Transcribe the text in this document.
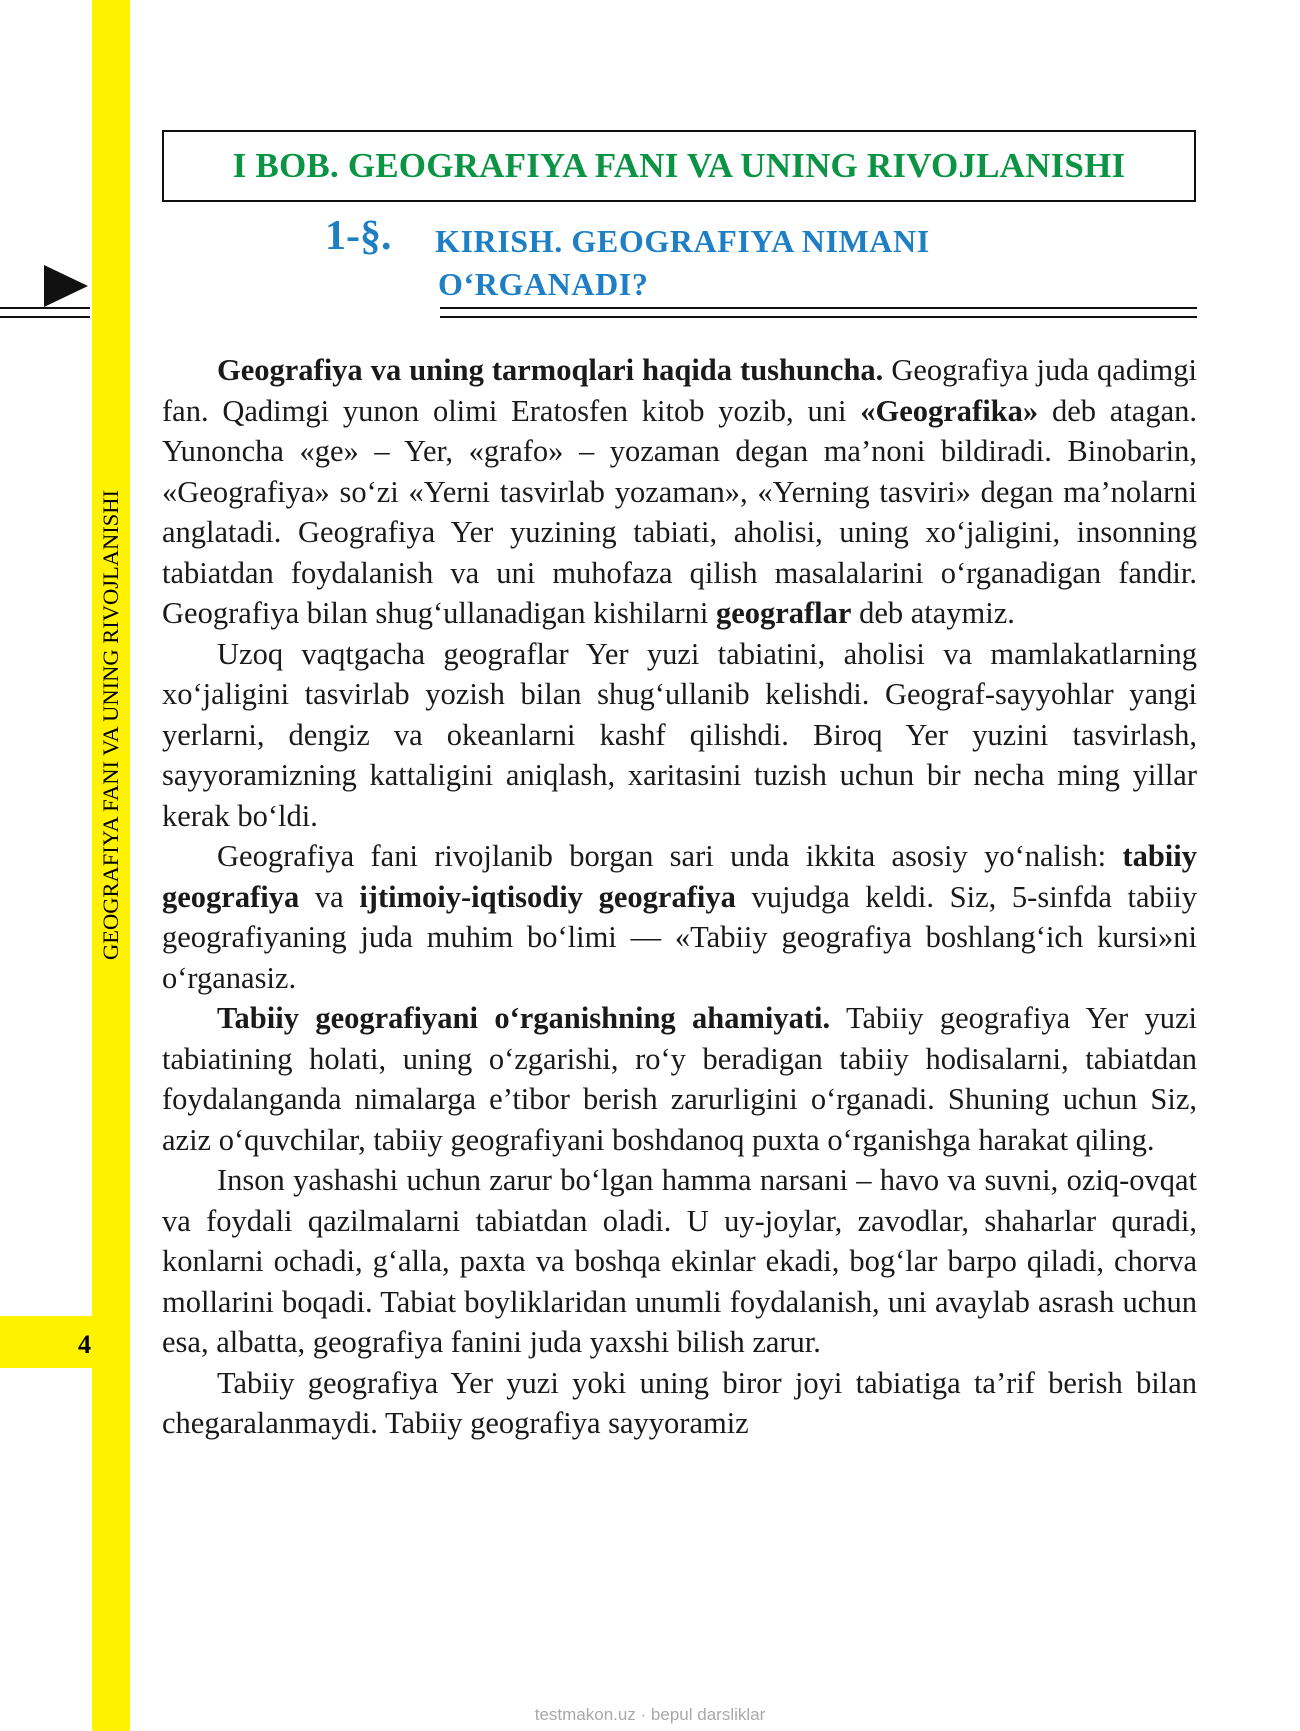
4
GEOGRAFIYA FANI VA UNING RIVOJLANISHI
I BOB. GEOGRAFIYA FANI VA UNING RIVOJLANISHI
1-§. KIRISH. GEOGRAFIYA NIMANI
O‘RGANADI?

Geografiya va uning tarmoqlari haqida tushuncha. Geografiya juda qadimgi fan. Qadimgi yunon olimi Eratosfen kitob yozib, uni «Geografika» deb atagan. Yunoncha «ge» – Yer, «grafo» – yozaman degan ma’noni bildiradi. Binobarin, «Geografiya» so‘zi «Yerni tasvirlab yozaman», «Yerning tasviri» degan ma’nolarni anglatadi. Geografiya Yer yuzining tabiati, aholisi, uning xo‘jaligini, insonning tabiatdan foydalanish va uni muhofaza qilish masalalarini o‘rganadigan fandir. Geografiya bilan shug‘ullanadigan kishilarni geograflar deb ataymiz.

Uzoq vaqtgacha geograflar Yer yuzi tabiatini, aholisi va mamlakatlarning xo‘jaligini tasvirlab yozish bilan shug‘ullanib kelishdi. Geograf-sayyohlar yangi yerlarni, dengiz va okeanlarni kashf qilishdi. Biroq Yer yuzini tasvirlash, sayyoramizning kattaligini aniqlash, xaritasini tuzish uchun bir necha ming yillar kerak bo‘ldi.

Geografiya fani rivojlanib borgan sari unda ikkita asosiy yo‘nalish: tabiiy geografiya va ijtimoiy-iqtisodiy geografiya vujudga keldi. Siz, 5-sinfda tabiiy geografiyaning juda muhim bo‘limi — «Tabiiy geografiya boshlang‘ich kursi»ni o‘rganasiz.

Tabiiy geografiyani o‘rganishning ahamiyati. Tabiiy geografiya Yer yuzi tabiatining holati, uning o‘zgarishi, ro‘y beradigan tabiiy hodisalarni, tabiatdan foydalanganda nimalarga e’tibor berish zarurligini o‘rganadi. Shuning uchun Siz, aziz o‘quvchilar, tabiiy geografiyani boshdanoq puxta o‘rganishga harakat qiling.

Inson yashashi uchun zarur bo‘lgan hamma narsani – havo va suvni, oziq-ovqat va foydali qazilmalarni tabiatdan oladi. U uy-joylar, zavodlar, shaharlar quradi, konlarni ochadi, g‘alla, paxta va boshqa ekinlar ekadi, bog‘lar barpo qiladi, chorva mollarini boqadi. Tabiat boyliklaridan unumli foydalanish, uni avaylab asrash uchun esa, albatta, geografiya fanini juda yaxshi bilish zarur.

Tabiiy geografiya Yer yuzi yoki uning biror joyi tabiatiga ta’rif berish bilan chegaralanmaydi. Tabiiy geografiya sayyoramiz

testmakon.uz · bepul darsliklar
